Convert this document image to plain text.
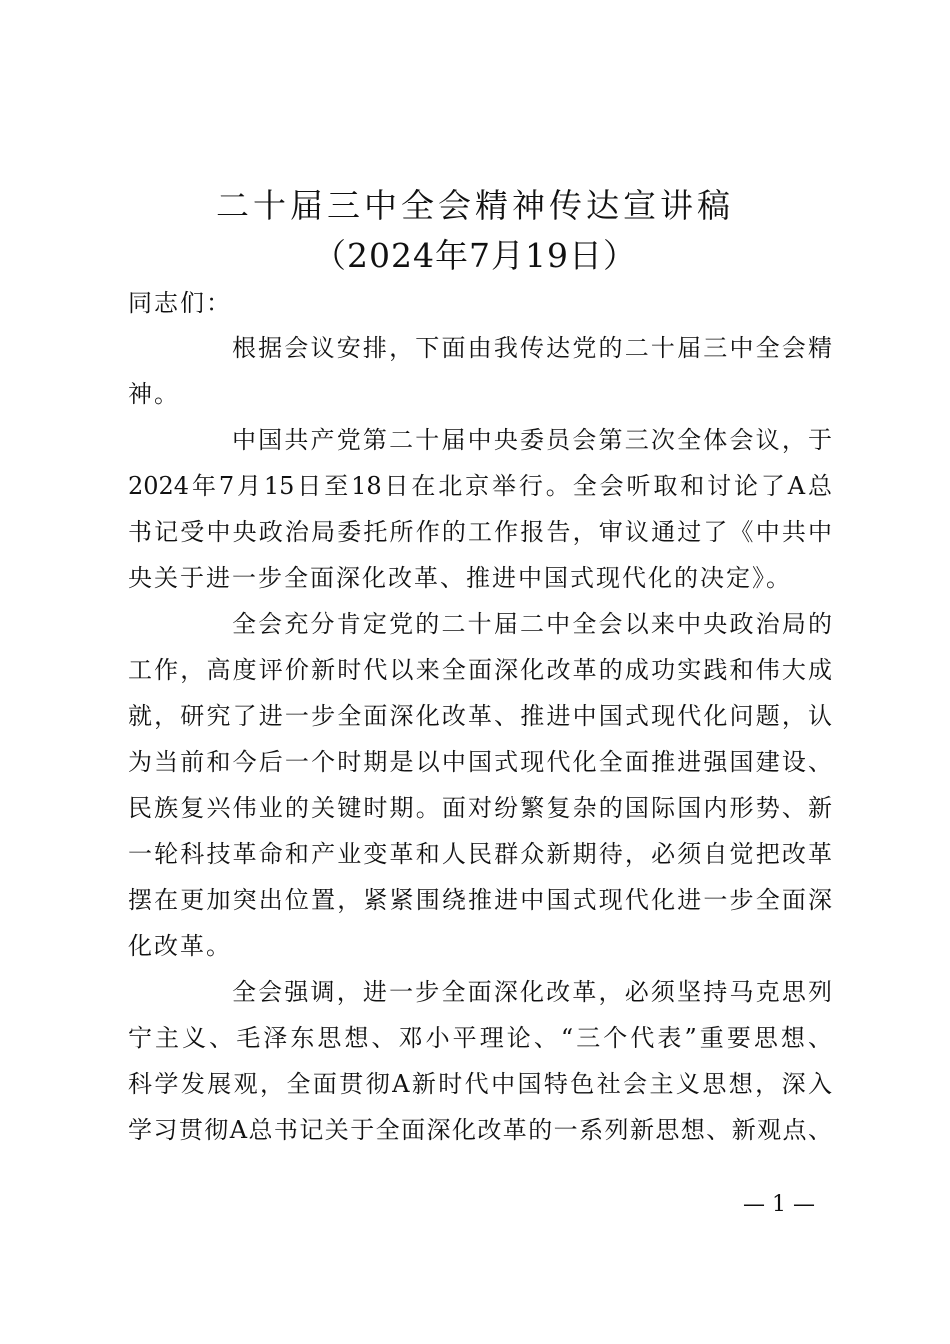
二十届三中全会精神传达宣讲稿
（2024年7月19日）
同志们：
根据会议安排，下面由我传达党的二十届三中全会精
神。
中国共产党第二十届中央委员会第三次全体会议，于
2024年7月15日至18日在北京举行。全会听取和讨论了A总
书记受中央政治局委托所作的工作报告，审议通过了《中共中
央关于进一步全面深化改革、推进中国式现代化的决定》。
全会充分肯定党的二十届二中全会以来中央政治局的
工作，高度评价新时代以来全面深化改革的成功实践和伟大成
就，研究了进一步全面深化改革、推进中国式现代化问题，认
为当前和今后一个时期是以中国式现代化全面推进强国建设、
民族复兴伟业的关键时期。面对纷繁复杂的国际国内形势、新
一轮科技革命和产业变革和人民群众新期待，必须自觉把改革
摆在更加突出位置，紧紧围绕推进中国式现代化进一步全面深
化改革。
全会强调，进一步全面深化改革，必须坚持马克思列
宁主义、毛泽东思想、邓小平理论、“三个代表”重要思想、
科学发展观，全面贯彻A新时代中国特色社会主义思想，深入
学习贯彻A总书记关于全面深化改革的一系列新思想、新观点、
— 1 —
